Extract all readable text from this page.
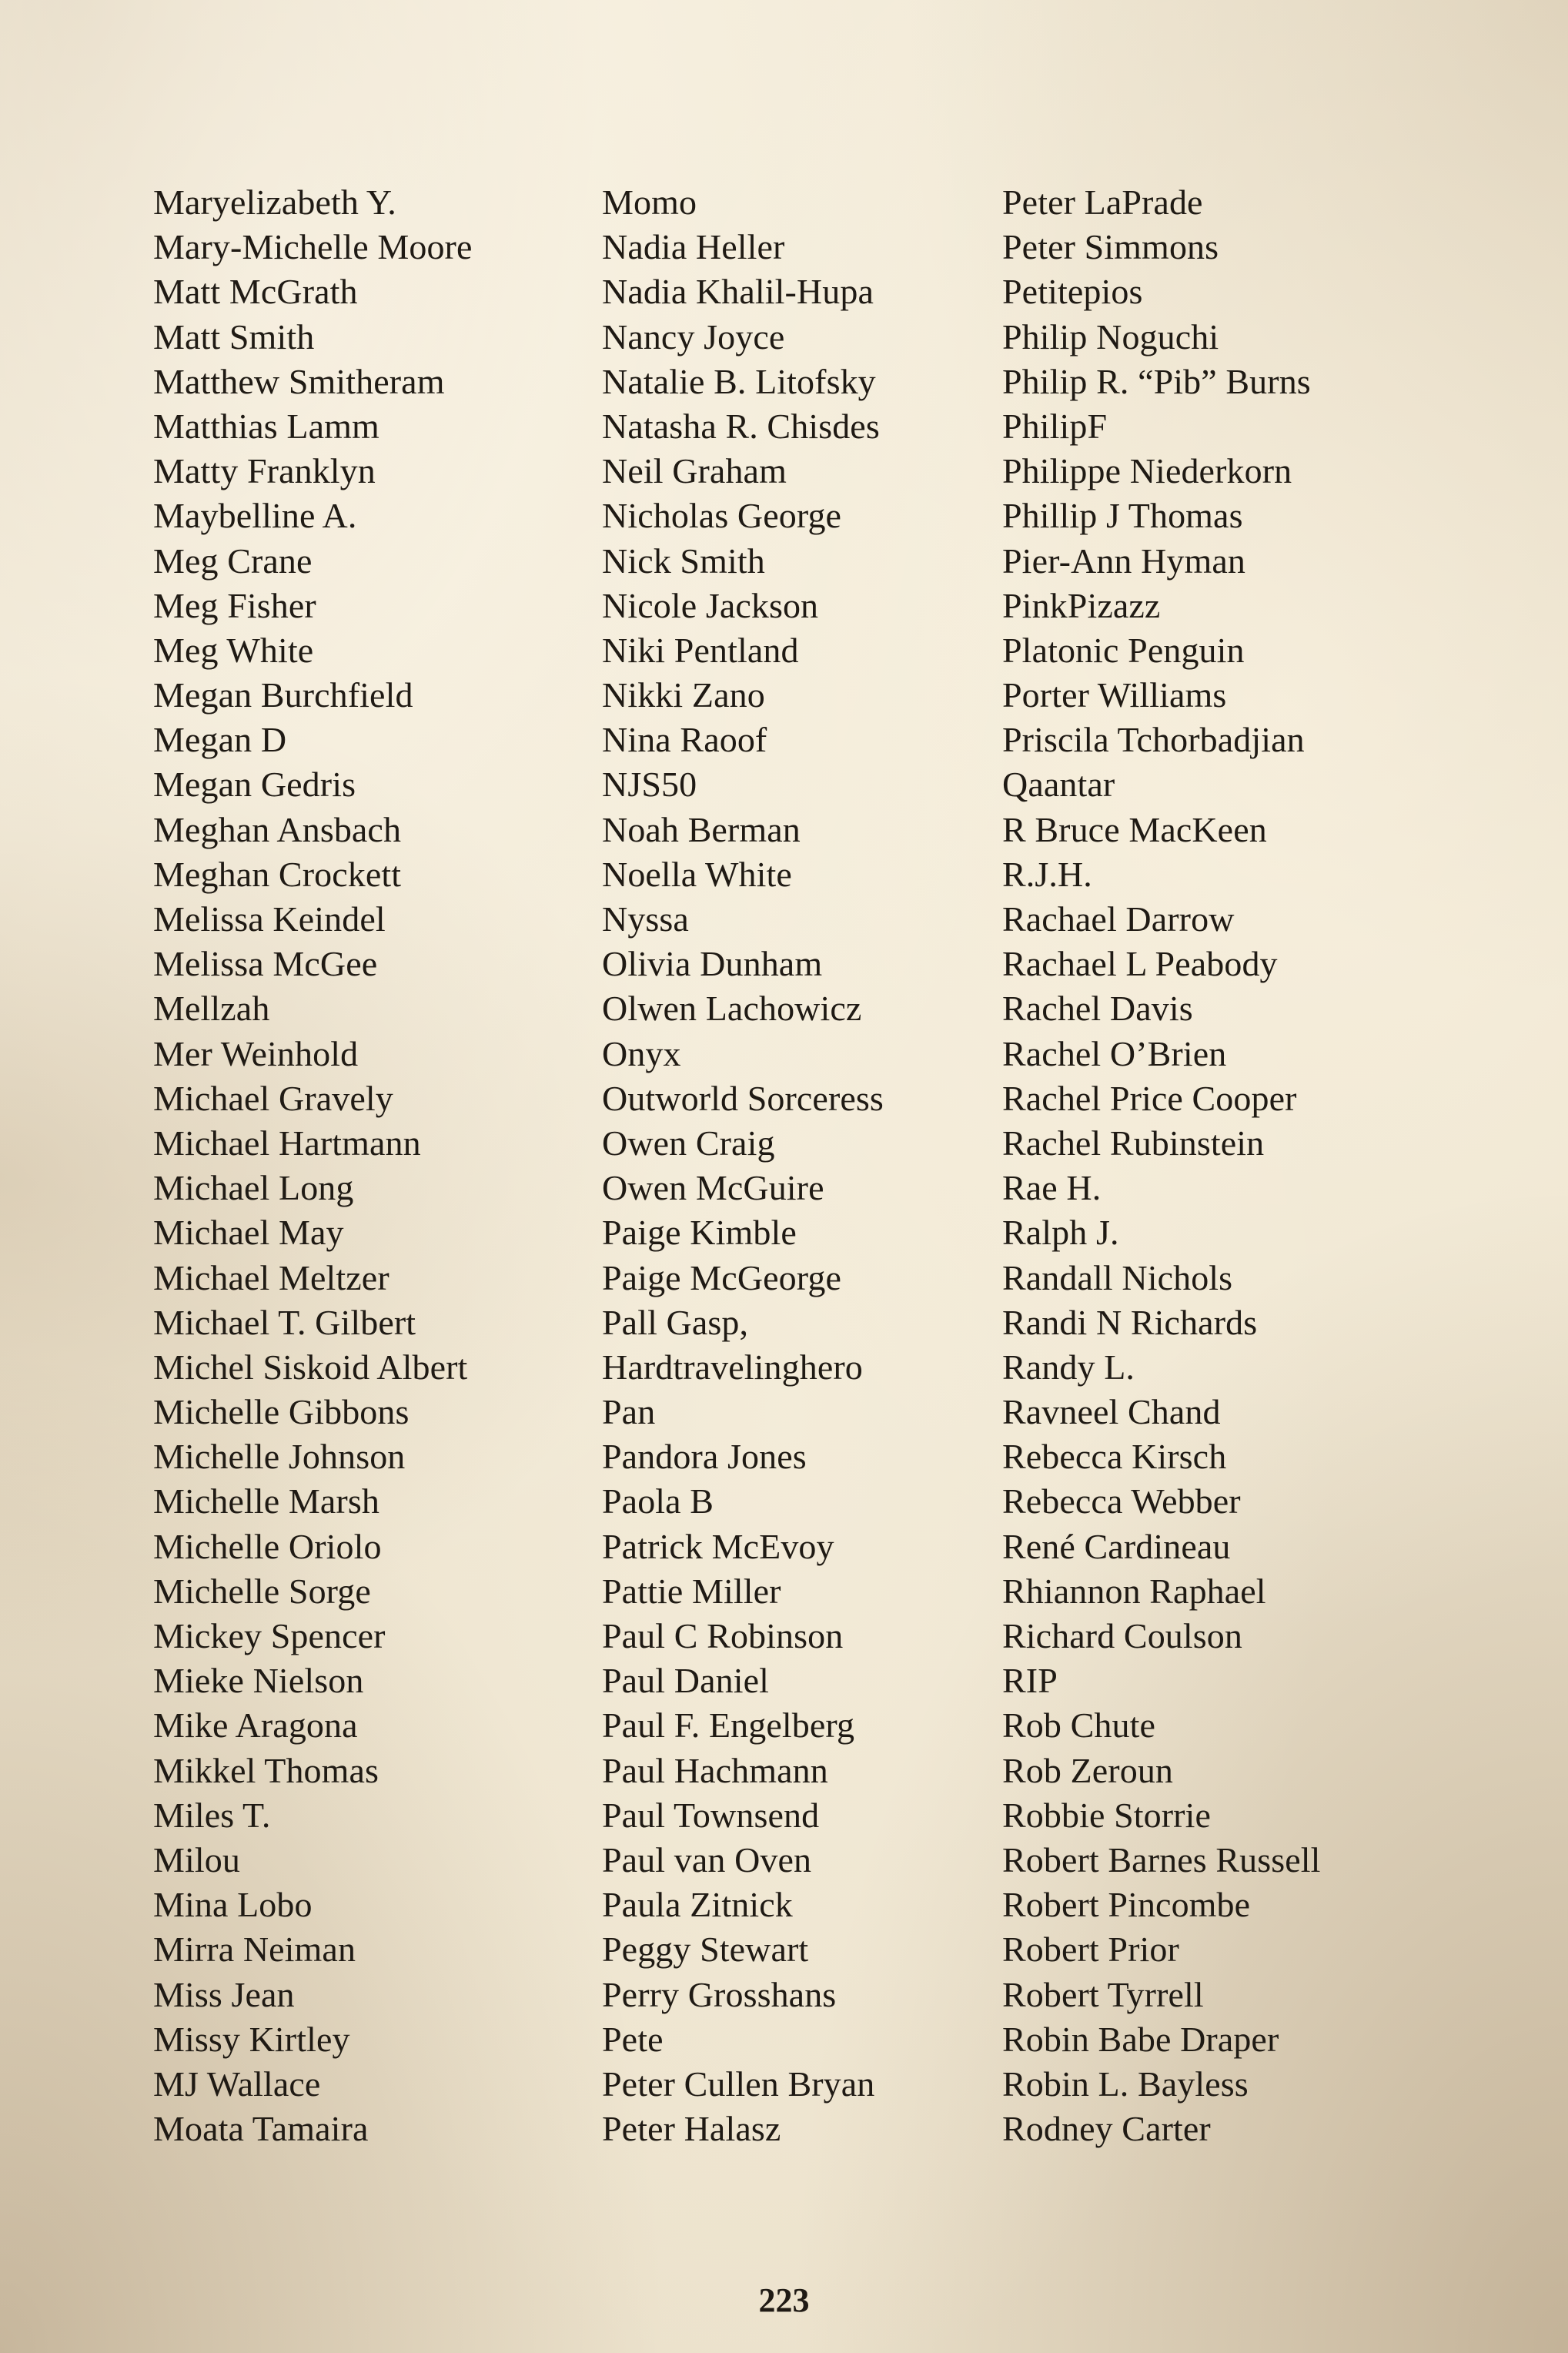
Maryelizabeth Y.
Mary-Michelle Moore
Matt McGrath
Matt Smith
Matthew Smitheram
Matthias Lamm
Matty Franklyn
Maybelline A.
Meg Crane
Meg Fisher
Meg White
Megan Burchfield
Megan D
Megan Gedris
Meghan Ansbach
Meghan Crockett
Melissa Keindel
Melissa McGee
Mellzah
Mer Weinhold
Michael Gravely
Michael Hartmann
Michael Long
Michael May
Michael Meltzer
Michael T. Gilbert
Michel Siskoid Albert
Michelle Gibbons
Michelle Johnson
Michelle Marsh
Michelle Oriolo
Michelle Sorge
Mickey Spencer
Mieke Nielson
Mike Aragona
Mikkel Thomas
Miles T.
Milou
Mina Lobo
Mirra Neiman
Miss Jean
Missy Kirtley
MJ Wallace
Moata Tamaira
Momo
Nadia Heller
Nadia Khalil-Hupa
Nancy Joyce
Natalie B. Litofsky
Natasha R. Chisdes
Neil Graham
Nicholas George
Nick Smith
Nicole Jackson
Niki Pentland
Nikki Zano
Nina Raoof
NJS50
Noah Berman
Noella White
Nyssa
Olivia Dunham
Olwen Lachowicz
Onyx
Outworld Sorceress
Owen Craig
Owen McGuire
Paige Kimble
Paige McGeorge
Pall Gasp,
Hardtravelinghero
Pan
Pandora Jones
Paola B
Patrick McEvoy
Pattie Miller
Paul C Robinson
Paul Daniel
Paul F. Engelberg
Paul Hachmann
Paul Townsend
Paul van Oven
Paula Zitnick
Peggy Stewart
Perry Grosshans
Pete
Peter Cullen Bryan
Peter Halasz
Peter LaPrade
Peter Simmons
Petitepios
Philip Noguchi
Philip R. “Pib” Burns
PhilipF
Philippe Niederkorn
Phillip J Thomas
Pier-Ann Hyman
PinkPizazz
Platonic Penguin
Porter Williams
Priscila Tchorbadjian
Qaantar
R Bruce MacKeen
R.J.H.
Rachael Darrow
Rachael L Peabody
Rachel Davis
Rachel O’Brien
Rachel Price Cooper
Rachel Rubinstein
Rae H.
Ralph J.
Randall Nichols
Randi N Richards
Randy L.
Ravneel Chand
Rebecca Kirsch
Rebecca Webber
René Cardineau
Rhiannon Raphael
Richard Coulson
RIP
Rob Chute
Rob Zeroun
Robbie Storrie
Robert Barnes Russell
Robert Pincombe
Robert Prior
Robert Tyrrell
Robin Babe Draper
Robin L. Bayless
Rodney Carter
223
